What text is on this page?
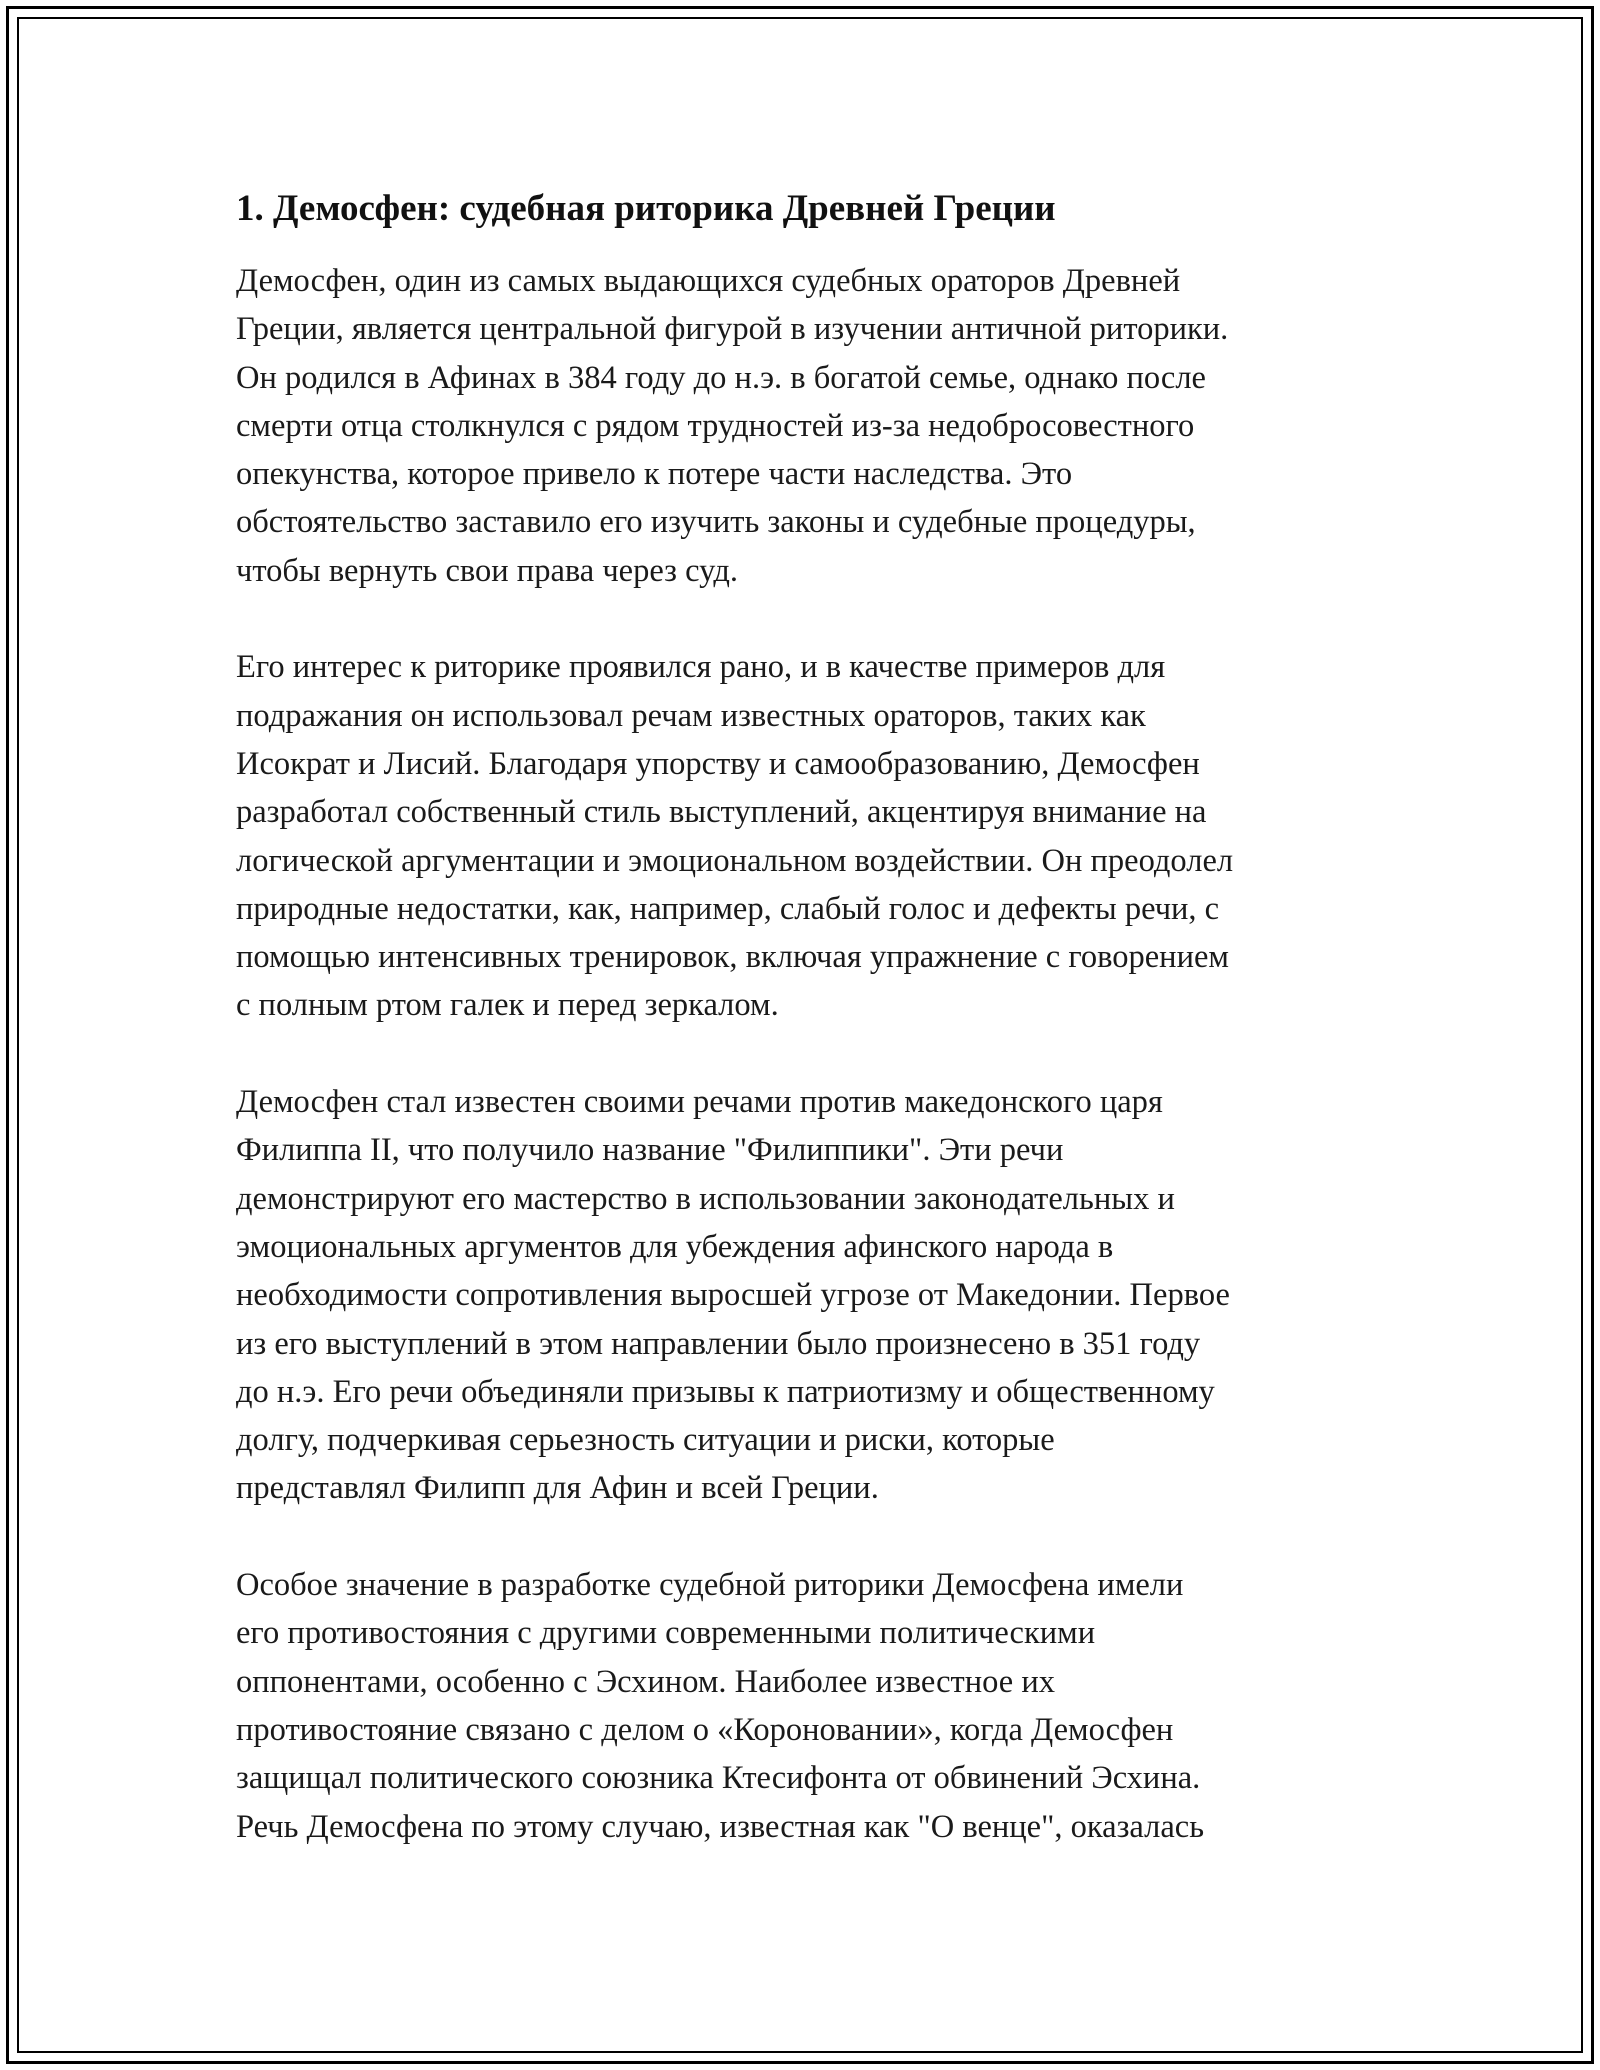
1. Демосфен: судебная риторика Древней Греции

Демосфен, один из самых выдающихся судебных ораторов Древней
Греции, является центральной фигурой в изучении античной риторики.
Он родился в Афинах в 384 году до н.э. в богатой семье, однако после
смерти отца столкнулся с рядом трудностей из-за недобросовестного
опекунства, которое привело к потере части наследства. Это
обстоятельство заставило его изучить законы и судебные процедуры,
чтобы вернуть свои права через суд.

Его интерес к риторике проявился рано, и в качестве примеров для
подражания он использовал речам известных ораторов, таких как
Исократ и Лисий. Благодаря упорству и самообразованию, Демосфен
разработал собственный стиль выступлений, акцентируя внимание на
логической аргументации и эмоциональном воздействии. Он преодолел
природные недостатки, как, например, слабый голос и дефекты речи, с
помощью интенсивных тренировок, включая упражнение с говорением
с полным ртом галек и перед зеркалом.

Демосфен стал известен своими речами против македонского царя
Филиппа II, что получило название "Филиппики". Эти речи
демонстрируют его мастерство в использовании законодательных и
эмоциональных аргументов для убеждения афинского народа в
необходимости сопротивления выросшей угрозе от Македонии. Первое
из его выступлений в этом направлении было произнесено в 351 году
до н.э. Его речи объединяли призывы к патриотизму и общественному
долгу, подчеркивая серьезность ситуации и риски, которые
представлял Филипп для Афин и всей Греции.

Особое значение в разработке судебной риторики Демосфена имели
его противостояния с другими современными политическими
оппонентами, особенно с Эсхином. Наиболее известное их
противостояние связано с делом о «Короновании», когда Демосфен
защищал политического союзника Ктесифонта от обвинений Эсхина.
Речь Демосфена по этому случаю, известная как "О венце", оказалась
